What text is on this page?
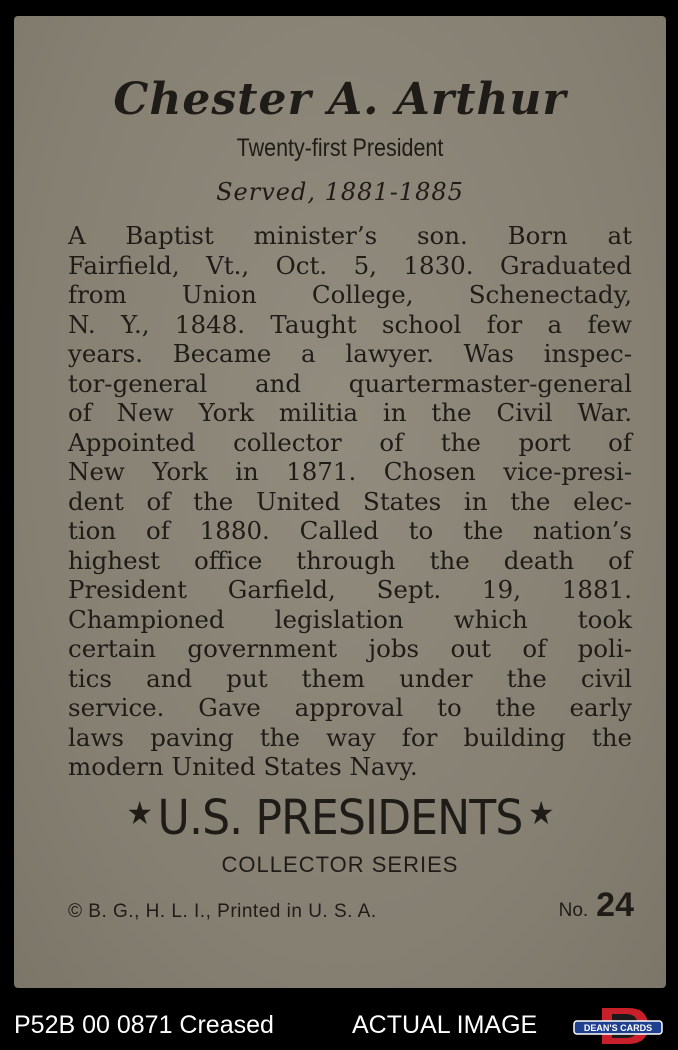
Chester A. Arthur
Twenty-first President
Served, 1881-1885
A Baptist minister’s son. Born at
Fairfield, Vt., Oct. 5, 1830. Graduated
from Union College, Schenectady,
N. Y., 1848. Taught school for a few
years. Became a lawyer. Was inspec-
tor-general and quartermaster-general
of New York militia in the Civil War.
Appointed collector of the port of
New York in 1871. Chosen vice-presi-
dent of the United States in the elec-
tion of 1880. Called to the nation’s
highest office through the death of
President Garfield, Sept. 19, 1881.
Championed legislation which took
certain government jobs out of poli-
tics and put them under the civil
service. Gave approval to the early
laws paving the way for building the
modern United States Navy.
★ U.S. PRESIDENTS ★
COLLECTOR SERIES
© B. G., H. L. I., Printed in U. S. A.	No. 24
P52B 00 0871 Creased	ACTUAL IMAGE	DEAN'S CARDS
